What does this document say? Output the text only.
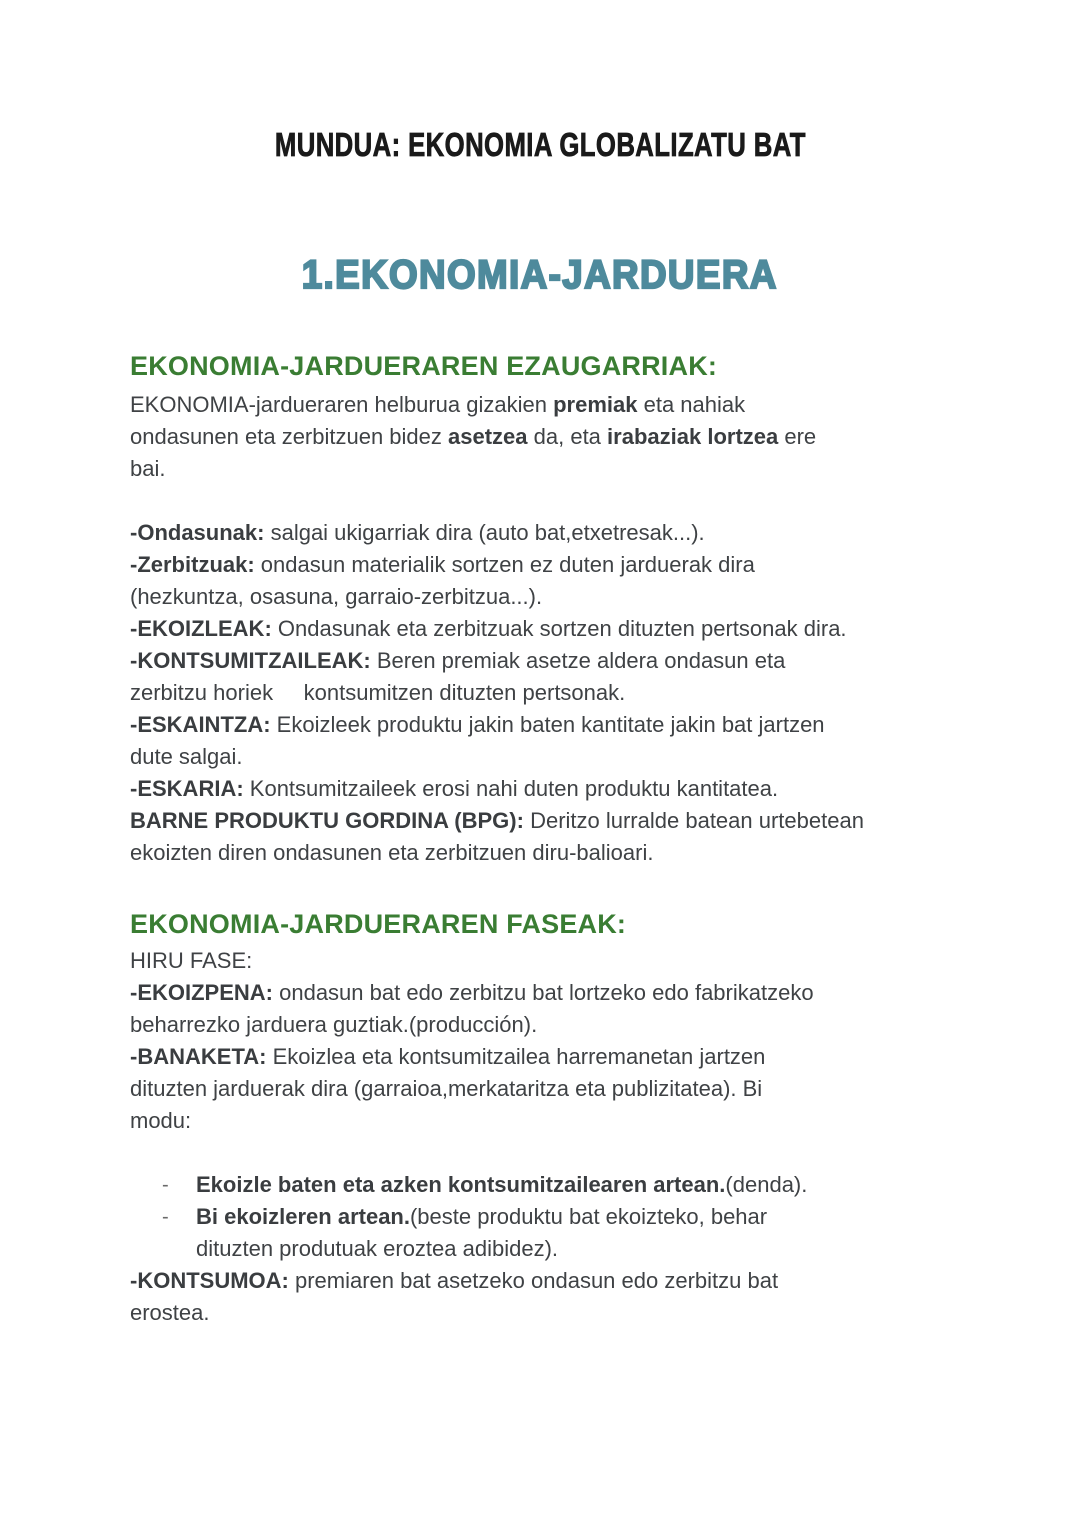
MUNDUA: EKONOMIA GLOBALIZATU BAT
1.EKONOMIA-JARDUERA
EKONOMIA-JARDUERAREN EZAUGARRIAK:
EKONOMIA-jardueraren helburua gizakien premiak eta nahiak
ondasunen eta zerbitzuen bidez asetzea da, eta irabaziak lortzea ere
bai.
-Ondasunak: salgai ukigarriak dira (auto bat,etxetresak...).
-Zerbitzuak: ondasun materialik sortzen ez duten jarduerak dira
(hezkuntza, osasuna, garraio-zerbitzua...).
-EKOIZLEAK: Ondasunak eta zerbitzuak sortzen dituzten pertsonak dira.
-KONTSUMITZAILEAK: Beren premiak asetze aldera ondasun eta
zerbitzu horiek     kontsumitzen dituzten pertsonak.
-ESKAINTZA: Ekoizleek produktu jakin baten kantitate jakin bat jartzen
dute salgai.
-ESKARIA: Kontsumitzaileek erosi nahi duten produktu kantitatea.
BARNE PRODUKTU GORDINA (BPG): Deritzo lurralde batean urtebetean
ekoizten diren ondasunen eta zerbitzuen diru-balioari.
EKONOMIA-JARDUERAREN FASEAK:
HIRU FASE:
-EKOIZPENA: ondasun bat edo zerbitzu bat lortzeko edo fabrikatzeko
beharrezko jarduera guztiak.(producción).
-BANAKETA: Ekoizlea eta kontsumitzailea harremanetan jartzen
dituzten jarduerak dira (garraioa,merkataritza eta publizitatea). Bi
modu:
- Ekoizle baten eta azken kontsumitzailearen artean.(denda).
- Bi ekoizleren artean.(beste produktu bat ekoizteko, behar
dituzten produtuak eroztea adibidez).
-KONTSUMOA: premiaren bat asetzeko ondasun edo zerbitzu bat
erostea.
